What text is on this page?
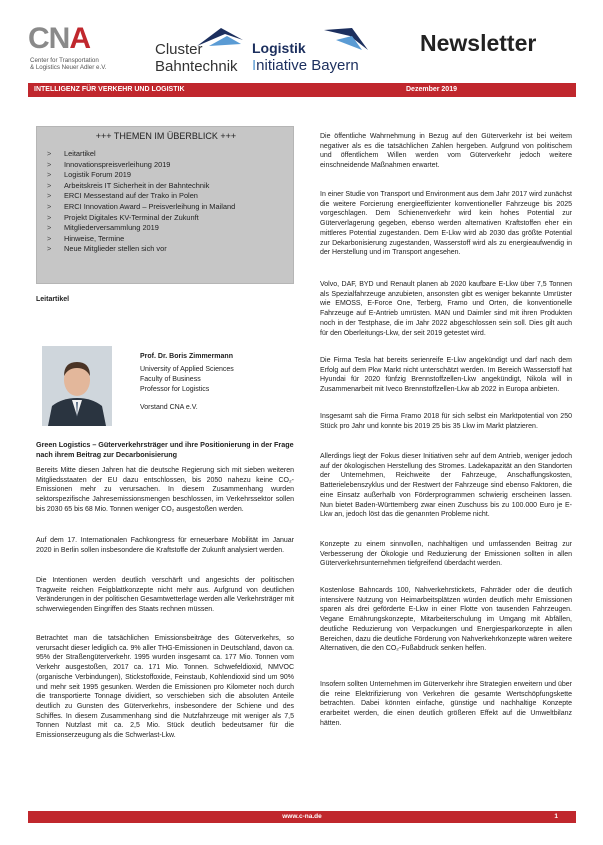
CNA
Center for Transportation
& Logistics Neuer Adler e.V.
Cluster
Bahntechnik
Logistik
Initiative Bayern
Newsletter
INTELLIGENZ FÜR VERKEHR UND LOGISTIK	Dezember 2019
+++ THEMEN IM ÜBERBLICK +++
>	Leitartikel
>	Innovationspreisverleihung 2019
>	Logistik Forum 2019
>	Arbeitskreis IT Sicherheit in der Bahntechnik
>	ERCI Messestand auf der Trako in Polen
>	ERCI Innovation Award – Preisverleihung in Mailand
>	Projekt Digitales KV-Terminal der Zukunft
>	Mitgliederversammlung 2019
>	Hinweise, Termine
>	Neue Mitglieder stellen sich vor
Leitartikel
Prof. Dr. Boris Zimmermann
University of Applied Sciences
Faculty of Business
Professor for Logistics
Vorstand CNA e.V.
Green Logistics – Güterverkehrsträger und ihre Positionierung in der Frage nach ihrem Beitrag zur Decarbonisierung
Bereits Mitte diesen Jahren hat die deutsche Regierung sich mit sieben weiteren Mitgliedsstaaten der EU dazu entschlossen, bis 2050 nahezu keine CO₂-Emissionen mehr zu verursachen. In diesem Zusammenhang wurden sektorspezifische Jahresemissionsmengen beschlossen, im Verkehrssektor sollen bis 2030 65 bis 68 Mio. Tonnen weniger CO₂ ausgestoßen werden.
Auf dem 17. Internationalen Fachkongress für erneuerbare Mobilität im Januar 2020 in Berlin sollen insbesondere die Kraftstoffe der Zukunft analysiert werden.
Die Intentionen werden deutlich verschärft und angesichts der politischen Tragweite reichen Feigblattkonzepte nicht mehr aus. Aufgrund von deutlichen Veränderungen in der politischen Gesamtwetterlage werden alle Verkehrsträger mit schwerwiegenden Eingriffen des Staats rechnen müssen.
Betrachtet man die tatsächlichen Emissionsbeiträge des Güterverkehrs, so verursacht dieser lediglich ca. 9% aller THG-Emissionen in Deutschland, davon ca. 95% der Straßengüterverkehr. 1995 wurden insgesamt ca. 177 Mio. Tonnen vom Verkehr ausgestoßen, 2017 ca. 171 Mio. Tonnen. Schwefeldioxid, NMVOC (organische Verbindungen), Stickstoffoxide, Feinstaub, Kohlendioxid sind um 90% und mehr seit 1995 gesunken. Werden die Emissionen pro Kilometer noch durch die transportierte Tonnage dividiert, so verschieben sich die absoluten Anteile deutlich zu Gunsten des Güterverkehrs, insbesondere der Schiene und des Schiffes. In diesem Zusammenhang sind die Nutzfahrzeuge mit weniger als 7,5 Tonnen Nutzlast mit ca. 2,5 Mio. Stück deutlich bedeutsamer für die Emissionserzeugung als die Schwerlast-Lkw.
Die öffentliche Wahrnehmung in Bezug auf den Güterverkehr ist bei weitem negativer als es die tatsächlichen Zahlen hergeben. Aufgrund von politischem und öffentlichem Willen werden vom Güterverkehr jedoch weitere einschneidende Maßnahmen erwartet.
In einer Studie von Transport und Environment aus dem Jahr 2017 wird zunächst die weitere Forcierung energieeffizienter konventioneller Fahrzeuge bis 2025 vorgeschlagen. Dem Schienenverkehr wird kein hohes Potential zur Güterverlagerung gegeben, ebenso werden alternativen Kraftstoffen eher ein mittleres Potential zugestanden. Dem E-Lkw wird ab 2030 das größte Potential zur Dekarbonisierung zugestanden, Wasserstoff wird als zu energieaufwendig in der Herstellung und im Transport angesehen.
Volvo, DAF, BYD und Renault planen ab 2020 kaufbare E-Lkw über 7,5 Tonnen als Spezialfahrzeuge anzubieten, ansonsten gibt es weniger bekannte Umrüster wie EMOSS, E-Force One, Terberg, Framo und Orten, die konventionelle Fahrzeuge auf E-Antrieb umrüsten. MAN und Daimler sind mit ihren Produkten noch in der Testphase, die im Jahr 2022 abgeschlossen sein soll. Dies gilt auch für den Oberleitungs-Lkw, der seit 2019 getestet wird.
Die Firma Tesla hat bereits serienreife E-Lkw angekündigt und darf nach dem Erfolg auf dem Pkw Markt nicht unterschätzt werden. Im Bereich Wasserstoff hat Hyundai für 2020 fünfzig Brennstoffzellen-Lkw angekündigt, Nikola will in Zusammenarbeit mit Iveco Brennstoffzellen-Lkw ab 2022 in Europa anbieten.
Insgesamt sah die Firma Framo 2018 für sich selbst ein Marktpotential von 250 Stück pro Jahr und konnte bis 2019 25 bis 35 Lkw im Markt platzieren.
Allerdings liegt der Fokus dieser Initiativen sehr auf dem Antrieb, weniger jedoch auf der ökologischen Herstellung des Stromes. Ladekapazität an den Standorten der Unternehmen, Reichweite der Fahrzeuge, Anschaffungskosten, Batterielebenszyklus und der Restwert der Fahrzeuge sind ebenso Faktoren, die eine Einsatz außerhalb von Förderprogrammen schwierig erscheinen lassen. Nun bietet Baden-Württemberg zwar einen Zuschuss bis zu 100.000 Euro je E-Lkw an, jedoch löst das die genannten Probleme nicht.
Konzepte zu einem sinnvollen, nachhaltigen und umfassenden Beitrag zur Verbesserung der Ökologie und Reduzierung der Emissionen sollten in allen Güterverkehrsunternehmen tiefgreifend überdacht werden.
Kostenlose Bahncards 100, Nahverkehrstickets, Fahrräder oder die deutlich intensivere Nutzung von Heimarbeitsplätzen würden deutlich mehr Emissionen sparen als drei geförderte E-Lkw in einer Flotte von tausenden Fahrzeugen. Vegane Ernährungskonzepte, Mitarbeiterschulung im Umgang mit Abfällen, deutliche Reduzierung von Verpackungen und Energiesparkonzepte in allen Bereichen, dazu die deutliche Förderung von Nahverkehrkonzepte wären weitere Alternativen, die den CO₂-Fußabdruck senken helfen.
Insofern sollten Unternehmen im Güterverkehr ihre Strategien erweitern und über die reine Elektrifizierung von Verkehren die gesamte Wertschöpfungskette betrachten. Dabei könnten einfache, günstige und nachhaltige Konzepte erarbeitet werden, die einen deutlich größeren Effekt auf die Umweltbilanz hätten.
www.c-na.de	1
